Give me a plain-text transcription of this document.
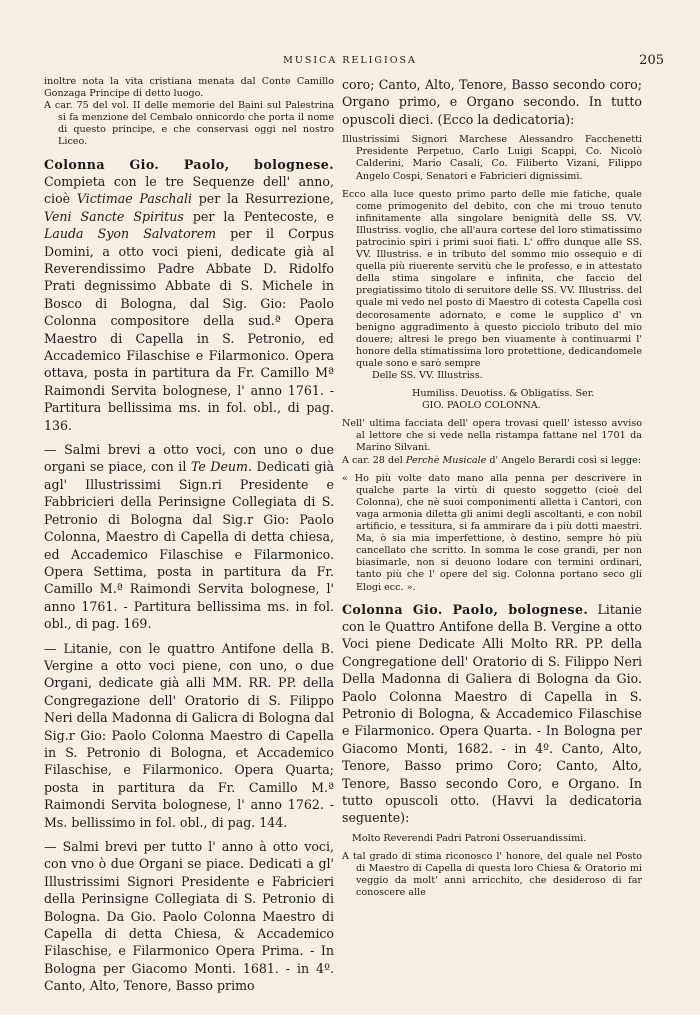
MUSICA RELIGIOSA	205

inoltre nota la vita cristiana menata dal Conte Camillo Gonzaga Principe di detto luogo.

A car. 75 del vol. II delle memorie del Baini sul Palestrina si fa menzione del Cembalo onnicordo che porta il nome di questo principe, e che conservasi oggi nel nostro Liceo.

Colonna Gio. Paolo, bolognese. Compieta con le tre Sequenze dell' anno, cioè Victimae Paschali per la Resurrezione, Veni Sancte Spiritus per la Pentecoste, e Lauda Syon Salvatorem per il Corpus Domini, a otto voci pieni, dedicate già al Reverendissimo Padre Abbate D. Ridolfo Prati degnissimo Abbate di S. Michele in Bosco di Bologna, dal Sig. Gio: Paolo Colonna compositore della sud.ª Opera Maestro di Capella in S. Petronio, ed Accademico Filaschise e Filarmonico. Opera ottava, posta in partitura da Fr. Camillo Mª Raimondi Servita bolognese, l' anno 1761. - Partitura bellissima ms. in fol. obl., di pag. 136.

— Salmi brevi a otto voci, con uno o due organi se piace, con il Te Deum. Dedicati già agl' Illustrissimi Sign.ri Presidente e Fabbricieri della Perinsigne Collegiata di S. Petronio di Bologna dal Sig.r Gio: Paolo Colonna, Maestro di Capella di detta chiesa, ed Accademico Filaschise e Filarmonico. Opera Settima, posta in partitura da Fr. Camillo M.ª Raimondi Servita bolognese, l' anno 1761. - Partitura bellissima ms. in fol. obl., di pag. 169.

— Litanie, con le quattro Antifone della B. Vergine a otto voci piene, con uno, o due Organi, dedicate già alli MM. RR. PP. della Congregazione dell' Oratorio di S. Filippo Neri della Madonna di Galicra di Bologna dal Sig.r Gio: Paolo Colonna Maestro di Capella in S. Petronio di Bologna, et Accademico Filaschise, e Filarmonico. Opera Quarta; posta in partitura da Fr. Camillo M.ª Raimondi Servita bolognese, l' anno 1762. - Ms. bellissimo in fol. obl., di pag. 144.

— Salmi brevi per tutto l' anno à otto voci, con vno ò due Organi se piace. Dedicati a gl' Illustrissimi Signori Presidente e Fabricieri della Perinsigne Collegiata di S. Petronio di Bologna. Da Gio. Paolo Colonna Maestro di Capella di detta Chiesa, & Accademico Filaschise, e Filarmonico Opera Prima. - In Bologna per Giacomo Monti. 1681. - in 4º. Canto, Alto, Tenore, Basso primo

coro; Canto, Alto, Tenore, Basso secondo coro; Organo primo, e Organo secondo. In tutto opuscoli dieci. (Ecco la dedicatoria):

Illustrissimi Signori Marchese Alessandro Facchenetti Presidente Perpetuo, Carlo Luigi Scappi, Co. Nicolò Calderini, Mario Casali, Co. Filiberto Vizani, Filippo Angelo Cospi, Senatori e Fabricieri dignissimi.

Ecco alla luce questo primo parto delle mie fatiche, quale come primogenito del debito, con che mi trouo tenuto infinitamente alla singolare benignità delle SS. VV. Illustriss. voglio, che all'aura cortese del loro stimatissimo patrocinio spiri i primi suoi fiati. L' offro dunque alle SS. VV. Illustriss. e in tributo del sommo mio ossequio e di quella più riuerente servitù che le professo, e in attestato della stima singolare e infinita, che faccio del pregiatissimo titolo di seruitore delle SS. VV. Illustriss. del quale mi vedo nel posto di Maestro di cotesta Capella così decorosamente adornato, e come le supplico d' vn benigno aggradimento à questo picciolo tributo del mio douere; altresi le prego ben viuamente à continuarmi l' honore della stimatissima loro protettione, dedicandomele quale sono e sarò sempre

Delle SS. VV. Illustriss.

Humiliss. Deuotiss. & Obligatiss. Ser.

GIO. PAOLO COLONNA.

Nell' ultima facciata dell' opera trovasi quell' istesso avviso al lettore che si vede nella ristampa fattane nel 1701 da Marino Silvani.

A car. 28 del Perchè Musicale d' Angelo Berardi così si legge:

« Ho più volte dato mano alla penna per descrivere in qualche parte la virtù di questo soggetto (cioè del Colonna), che nè suoi componimenti alletta i Cantori, con vaga armonia diletta gli animi degli ascoltanti, e con nobil artificio, e tessitura, si fa ammirare da i più dotti maestri. Ma, ò sia mia imperfettione, ò destino, sempre hò più cancellato che scritto. In somma le cose grandi, per non biasimarle, non si deuono lodare con termini ordinari, tanto più che l' opere del sig. Colonna portano seco gli Elogi ecc. ».

Colonna Gio. Paolo, bolognese. Litanie con le Quattro Antifone della B. Vergine a otto Voci piene Dedicate Alli Molto RR. PP. della Congregatione dell' Oratorio di S. Filippo Neri Della Madonna di Galiera di Bologna da Gio. Paolo Colonna Maestro di Capella in S. Petronio di Bologna, & Accademico Filaschise e Filarmonico. Opera Quarta. - In Bologna per Giacomo Monti, 1682. - in 4º. Canto, Alto, Tenore, Basso primo Coro; Canto, Alto, Tenore, Basso secondo Coro, e Organo. In tutto opuscoli otto. (Havvi la dedicatoria seguente):

Molto Reverendi Padri Patroni Osseruandissimi.

A tal grado di stima riconosco l' honore, del quale nel Posto di Maestro di Capella di questa loro Chiesa & Oratorio mi veggio da molt' anni arricchito, che desideroso di far conoscere alle
